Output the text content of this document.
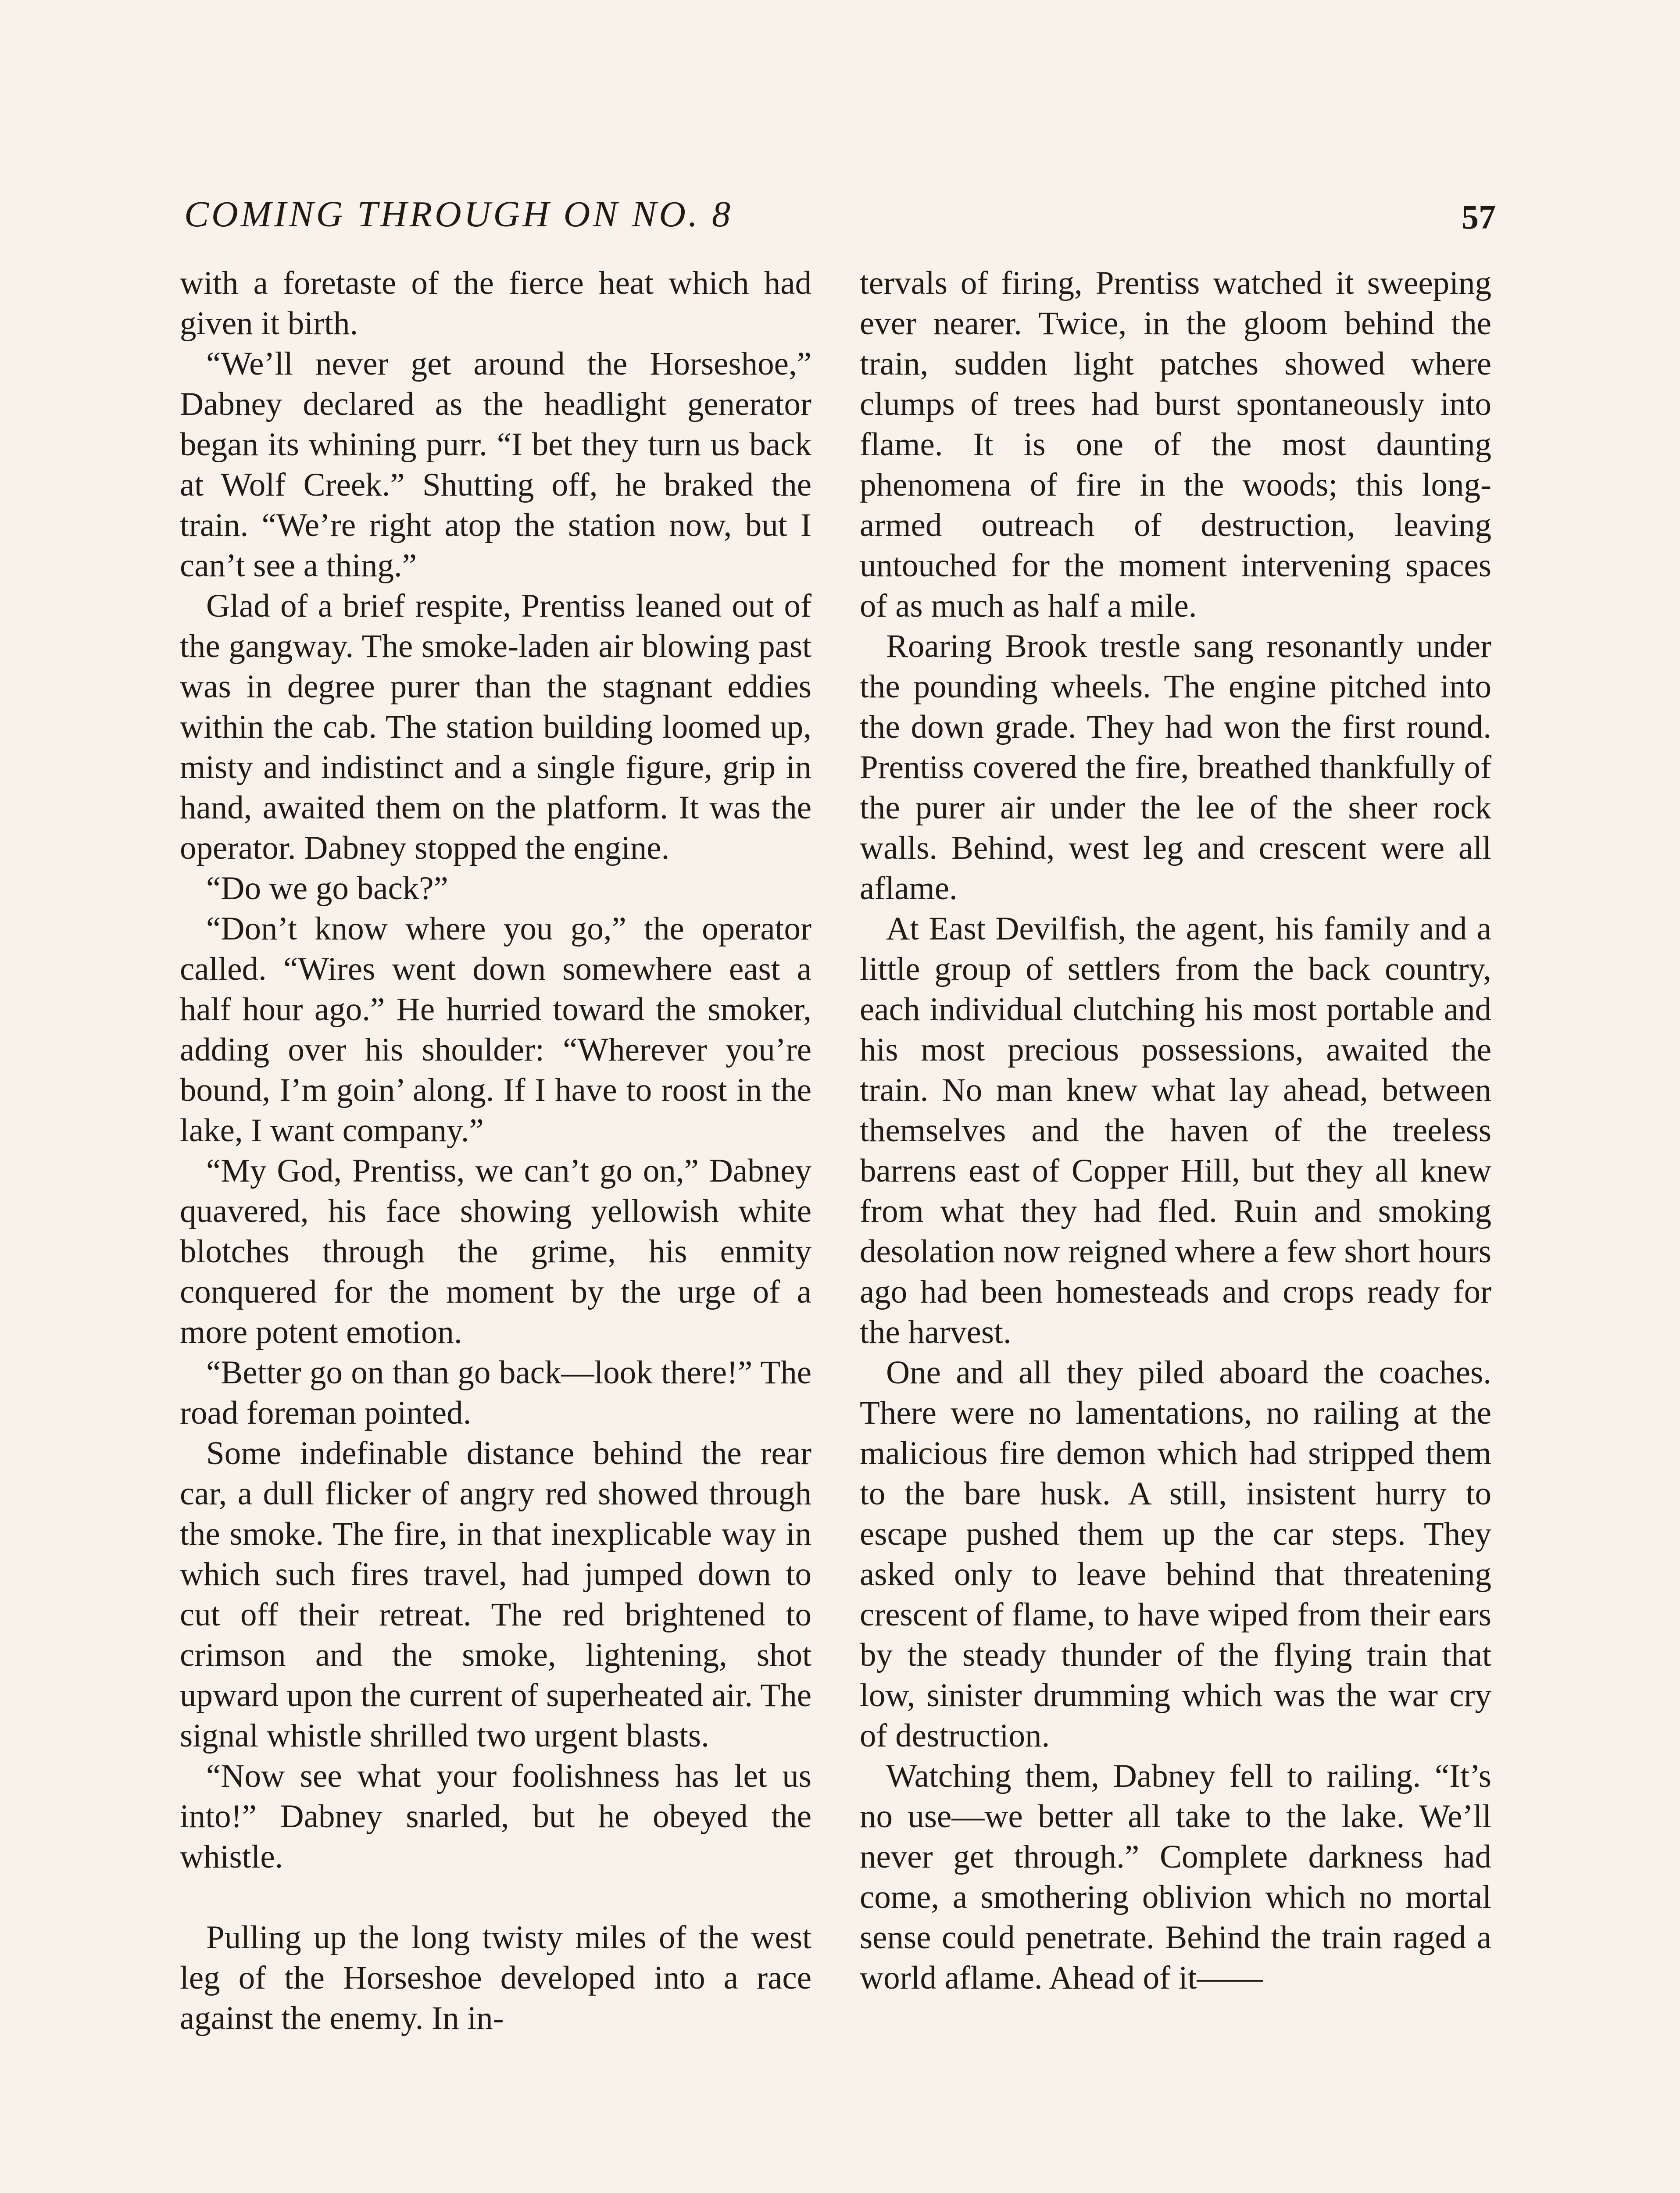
COMING THROUGH ON NO. 8	57

with a foretaste of the fierce heat which had given it birth.

“We’ll never get around the Horseshoe,” Dabney declared as the headlight generator began its whining purr. “I bet they turn us back at Wolf Creek.” Shutting off, he braked the train. “We’re right atop the station now, but I can’t see a thing.”

Glad of a brief respite, Prentiss leaned out of the gangway. The smoke-laden air blowing past was in degree purer than the stagnant eddies within the cab. The station building loomed up, misty and indistinct and a single figure, grip in hand, awaited them on the platform. It was the operator. Dabney stopped the engine.

“Do we go back?”

“Don’t know where you go,” the operator called. “Wires went down somewhere east a half hour ago.” He hurried toward the smoker, adding over his shoulder: “Wherever you’re bound, I’m goin’ along. If I have to roost in the lake, I want company.”

“My God, Prentiss, we can’t go on,” Dabney quavered, his face showing yellowish white blotches through the grime, his enmity conquered for the moment by the urge of a more potent emotion.

“Better go on than go back—look there!” The road foreman pointed.

Some indefinable distance behind the rear car, a dull flicker of angry red showed through the smoke. The fire, in that inexplicable way in which such fires travel, had jumped down to cut off their retreat. The red brightened to crimson and the smoke, lightening, shot upward upon the current of superheated air. The signal whistle shrilled two urgent blasts.

“Now see what your foolishness has let us into!” Dabney snarled, but he obeyed the whistle.

Pulling up the long twisty miles of the west leg of the Horseshoe developed into a race against the enemy. In in-

tervals of firing, Prentiss watched it sweeping ever nearer. Twice, in the gloom behind the train, sudden light patches showed where clumps of trees had burst spontaneously into flame. It is one of the most daunting phenomena of fire in the woods; this long-armed outreach of destruction, leaving untouched for the moment intervening spaces of as much as half a mile.

Roaring Brook trestle sang resonantly under the pounding wheels. The engine pitched into the down grade. They had won the first round. Prentiss covered the fire, breathed thankfully of the purer air under the lee of the sheer rock walls. Behind, west leg and crescent were all aflame.

At East Devilfish, the agent, his family and a little group of settlers from the back country, each individual clutching his most portable and his most precious possessions, awaited the train. No man knew what lay ahead, between themselves and the haven of the treeless barrens east of Copper Hill, but they all knew from what they had fled. Ruin and smoking desolation now reigned where a few short hours ago had been homesteads and crops ready for the harvest.

One and all they piled aboard the coaches. There were no lamentations, no railing at the malicious fire demon which had stripped them to the bare husk. A still, insistent hurry to escape pushed them up the car steps. They asked only to leave behind that threatening crescent of flame, to have wiped from their ears by the steady thunder of the flying train that low, sinister drumming which was the war cry of destruction.

Watching them, Dabney fell to railing. “It’s no use—we better all take to the lake. We’ll never get through.” Complete darkness had come, a smothering oblivion which no mortal sense could penetrate. Behind the train raged a world aflame. Ahead of it——
